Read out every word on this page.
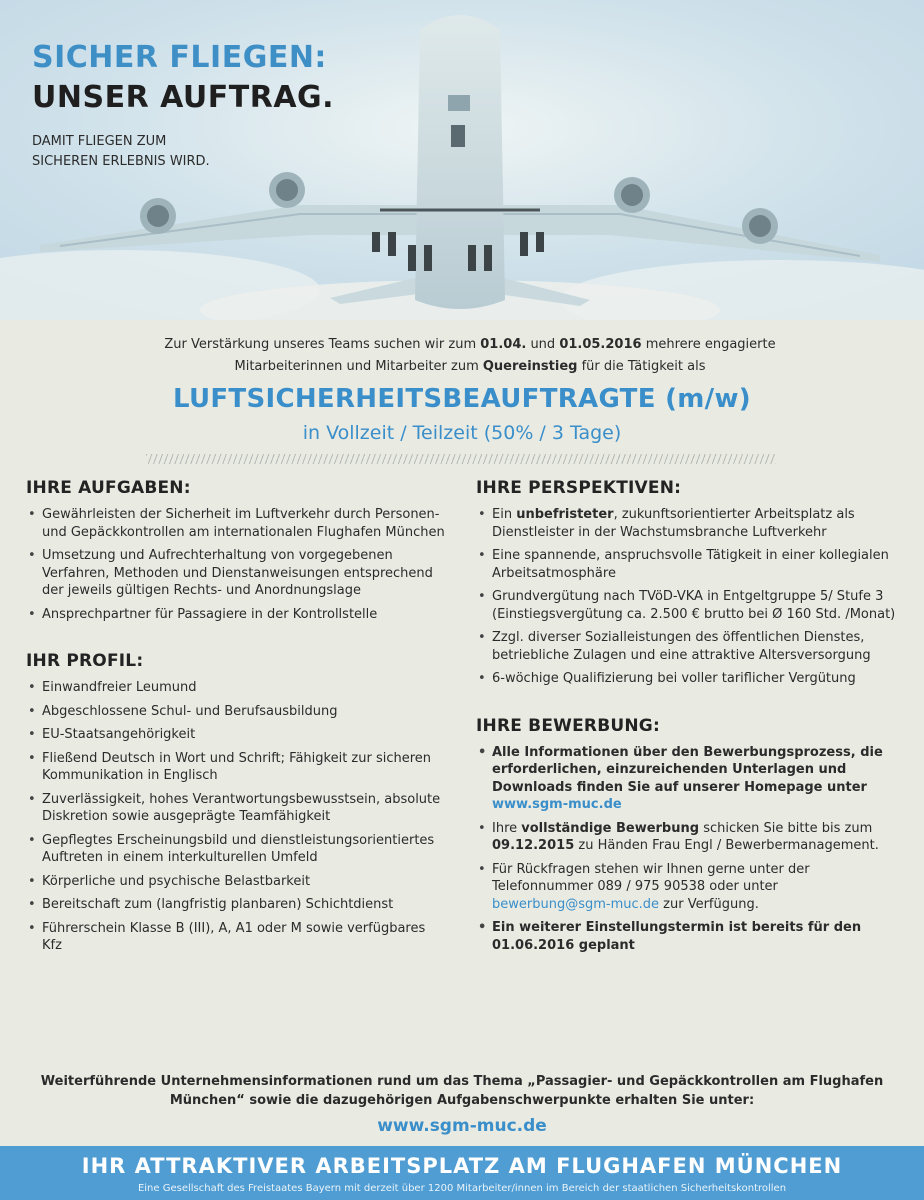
SICHER FLIEGEN:
UNSER AUFTRAG.
DAMIT FLIEGEN ZUM
SICHEREN ERLEBNIS WIRD.
Zur Verstärkung unseres Teams suchen wir zum 01.04. und 01.05.2016 mehrere engagierte
Mitarbeiterinnen und Mitarbeiter zum Quereinstieg für die Tätigkeit als
LUFTSICHERHEITSBEAUFTRAGTE (m/w)
in Vollzeit / Teilzeit (50% / 3 Tage)
IHRE AUFGABEN:
• Gewährleisten der Sicherheit im Luftverkehr durch Personen- und Gepäckkontrollen am internationalen Flughafen München
• Umsetzung und Aufrechterhaltung von vorgegebenen Verfahren, Methoden und Dienstanweisungen entsprechend der jeweils gültigen Rechts- und Anordnungslage
• Ansprechpartner für Passagiere in der Kontrollstelle
IHR PROFIL:
• Einwandfreier Leumund
• Abgeschlossene Schul- und Berufsausbildung
• EU-Staatsangehörigkeit
• Fließend Deutsch in Wort und Schrift; Fähigkeit zur sicheren Kommunikation in Englisch
• Zuverlässigkeit, hohes Verantwortungsbewusstsein, absolute Diskretion sowie ausgeprägte Teamfähigkeit
• Gepflegtes Erscheinungsbild und dienstleistungsorientiertes Auftreten in einem interkulturellen Umfeld
• Körperliche und psychische Belastbarkeit
• Bereitschaft zum (langfristig planbaren) Schichtdienst
• Führerschein Klasse B (III), A, A1 oder M sowie verfügbares Kfz
IHRE PERSPEKTIVEN:
• Ein unbefristeter, zukunftsorientierter Arbeitsplatz als Dienstleister in der Wachstumsbranche Luftverkehr
• Eine spannende, anspruchsvolle Tätigkeit in einer kollegialen Arbeitsatmosphäre
• Grundvergütung nach TVöD-VKA in Entgeltgruppe 5/ Stufe 3 (Einstiegsvergütung ca. 2.500 € brutto bei Ø 160 Std. /Monat)
• Zzgl. diverser Sozialleistungen des öffentlichen Dienstes, betriebliche Zulagen und eine attraktive Altersversorgung
• 6-wöchige Qualifizierung bei voller tariflicher Vergütung
IHRE BEWERBUNG:
• Alle Informationen über den Bewerbungsprozess, die erforderlichen, einzureichenden Unterlagen und Downloads finden Sie auf unserer Homepage unter www.sgm-muc.de
• Ihre vollständige Bewerbung schicken Sie bitte bis zum 09.12.2015 zu Händen Frau Engl / Bewerbermanagement.
• Für Rückfragen stehen wir Ihnen gerne unter der Telefonnummer 089 / 975 90538 oder unter bewerbung@sgm-muc.de zur Verfügung.
• Ein weiterer Einstellungstermin ist bereits für den 01.06.2016 geplant
Weiterführende Unternehmensinformationen rund um das Thema „Passagier- und Gepäckkontrollen am Flughafen München“ sowie die dazugehörigen Aufgabenschwerpunkte erhalten Sie unter:
www.sgm-muc.de
IHR ATTRAKTIVER ARBEITSPLATZ AM FLUGHAFEN MÜNCHEN
Eine Gesellschaft des Freistaates Bayern mit derzeit über 1200 Mitarbeiter/innen im Bereich der staatlichen Sicherheitskontrollen
